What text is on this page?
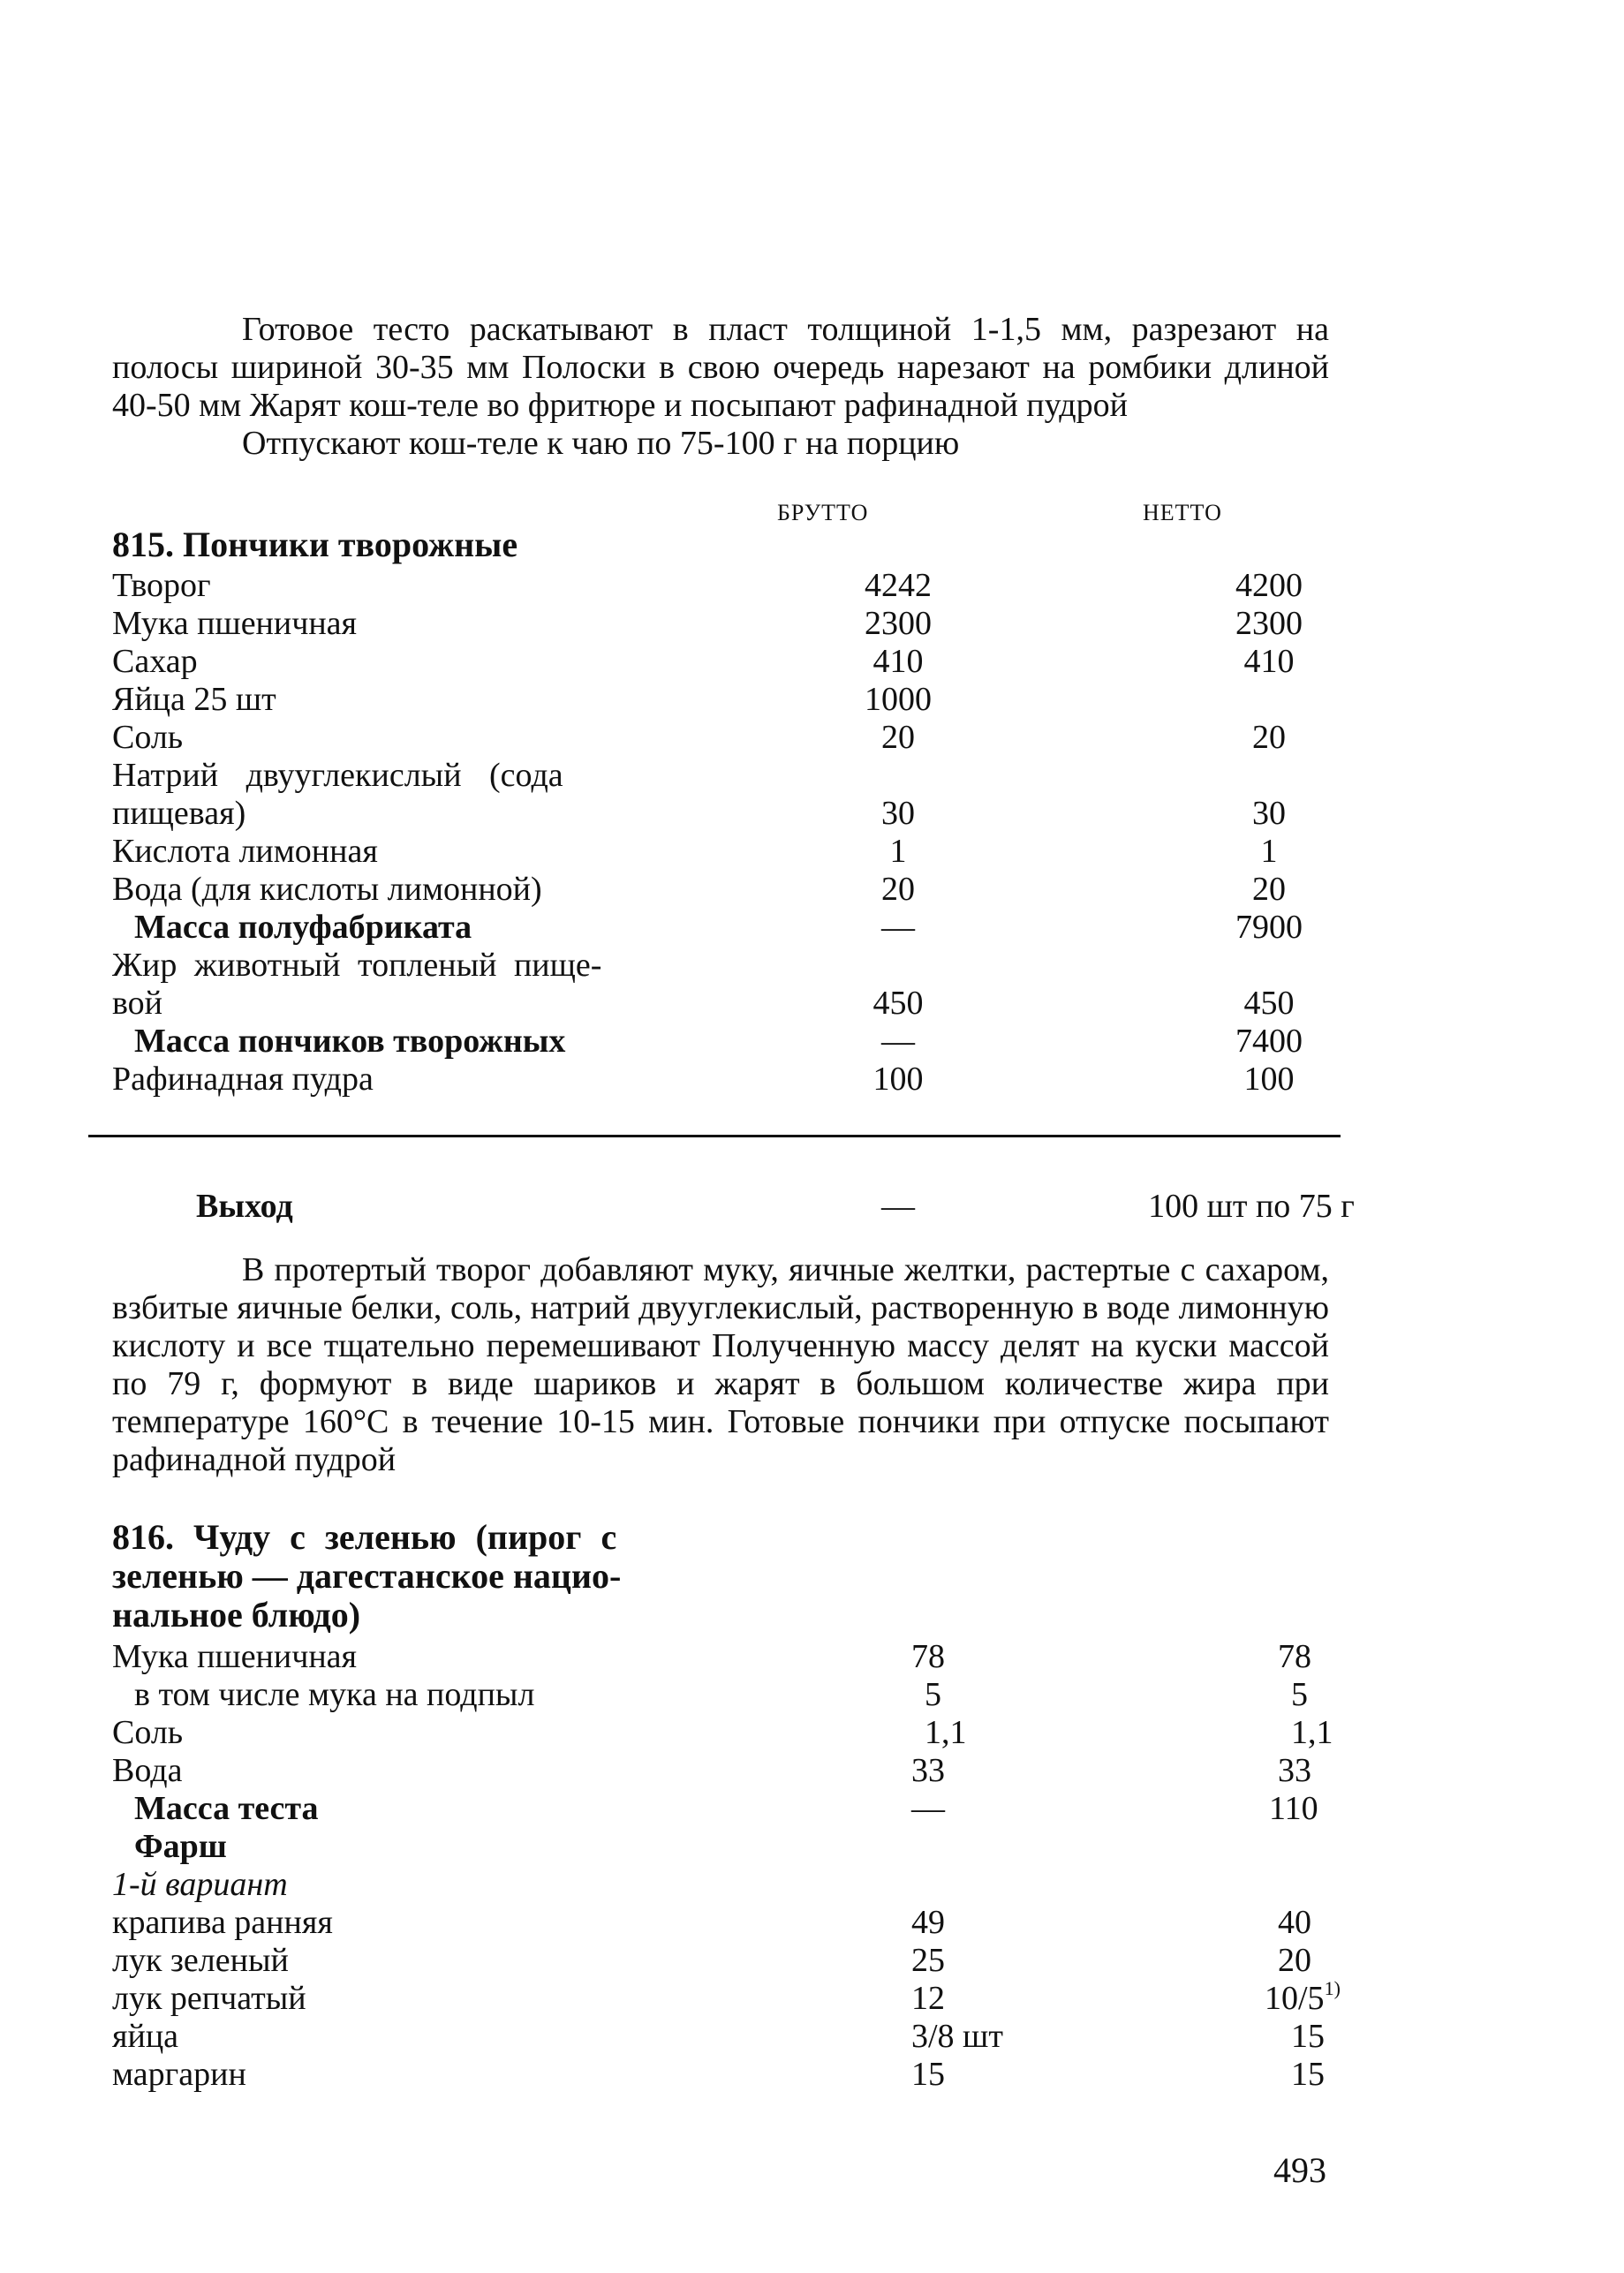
Готовое тесто раскатывают в пласт толщиной 1-1,5 мм, разрезают на полосы шириной 30-35 мм Полоски в свою очередь нарезают на ромбики длиной 40-50 мм Жарят кош-теле во фритюре и посыпают рафинадной пудрой

Отпускают кош-теле к чаю по 75-100 г на порцию

БРУТТО	НЕТТО
815. Пончики творожные
Творог	4242	4200
Мука пшеничная	2300	2300
Сахар	410	410
Яйца 25 шт	1000
Соль	20	20
Натрий двууглекислый (сода
пищевая)	30	30
Кислота лимонная	1	1
Вода (для кислоты лимонной)	20	20
Масса полуфабриката	—	7900
Жир животный топленый пище-
вой	450	450
Масса пончиков творожных	—	7400
Рафинадная пудра	100	100
Выход	—	100 шт по 75 г

В протертый творог добавляют муку, яичные желтки, растертые с сахаром, взбитые яичные белки, соль, натрий двууглекислый, растворенную в воде лимонную кислоту и все тщательно перемешивают Полученную массу делят на куски массой по 79 г, формуют в виде шариков и жарят в большом количестве жира при температуре 160°С в течение 10-15 мин. Готовые пончики при отпуске посыпают рафинадной пудрой

816. Чуду с зеленью (пирог с
зеленью — дагестанское нацио-
нальное блюдо)
Мука пшеничная	78	78
в том числе мука на подпыл	5	5
Соль	1,1	1,1
Вода	33	33
Масса теста	—	110
Фарш
1-й вариант
крапива ранняя	49	40
лук зеленый	25	20
лук репчатый	12	10/5$^{1)}$
яйца	3/8 шт	15
маргарин	15	15
493
